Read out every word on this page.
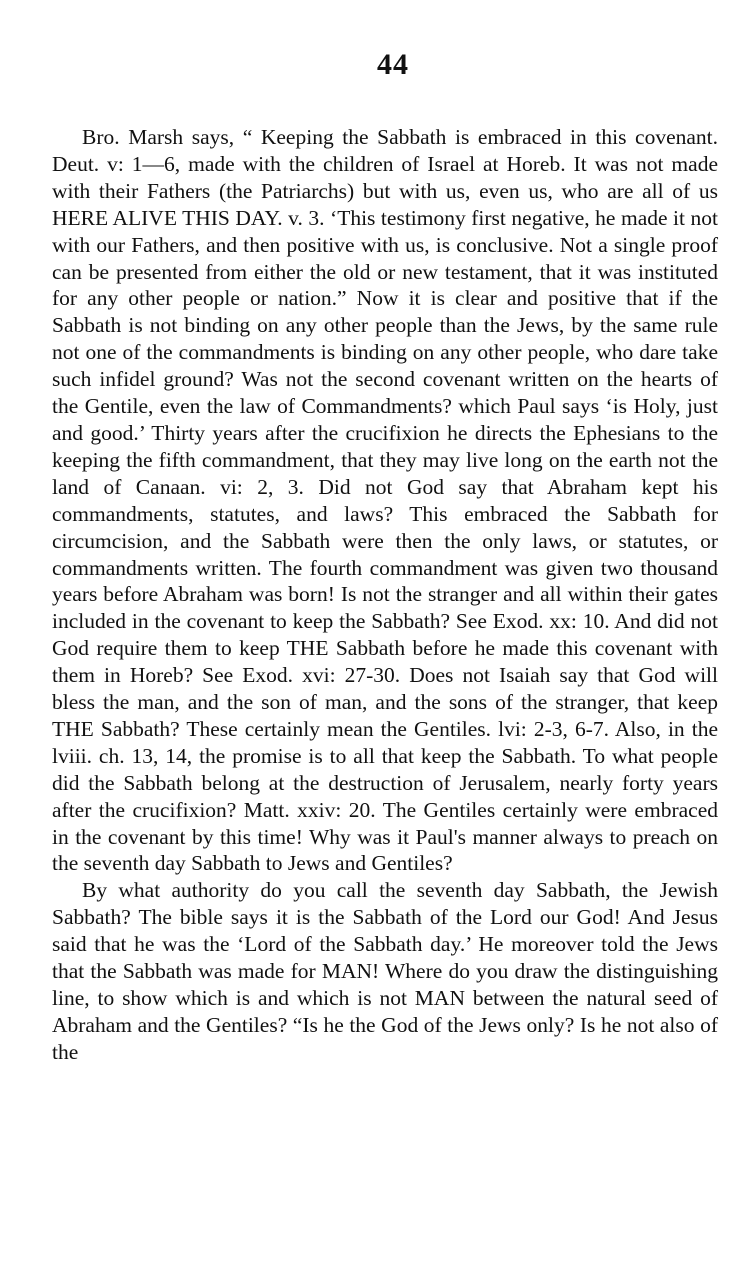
44

Bro. Marsh says, “ Keeping the Sabbath is embraced in this covenant. Deut. v: 1—6, made with the children of Israel at Horeb. It was not made with their Fathers (the Patriarchs) but with us, even us, who are all of us HERE ALIVE THIS DAY. v. 3. ‘This testimony first negative, he made it not with our Fathers, and then positive with us, is conclusive. Not a single proof can be presented from either the old or new testament, that it was instituted for any other people or nation.” Now it is clear and positive that if the Sabbath is not binding on any other people than the Jews, by the same rule not one of the commandments is binding on any other people, who dare take such infidel ground? Was not the second covenant written on the hearts of the Gentile, even the law of Commandments? which Paul says ‘is Holy, just and good.’ Thirty years after the crucifixion he directs the Ephesians to the keeping the fifth commandment, that they may live long on the earth not the land of Canaan. vi: 2, 3. Did not God say that Abraham kept his commandments, statutes, and laws? This embraced the Sabbath for circumcision, and the Sabbath were then the only laws, or statutes, or commandments written. The fourth commandment was given two thousand years before Abraham was born! Is not the stranger and all within their gates included in the covenant to keep the Sabbath? See Exod. xx: 10. And did not God require them to keep THE Sabbath before he made this covenant with them in Horeb? See Exod. xvi: 27-30. Does not Isaiah say that God will bless the man, and the son of man, and the sons of the stranger, that keep THE Sabbath? These certainly mean the Gentiles. lvi: 2-3, 6-7. Also, in the lviii. ch. 13, 14, the promise is to all that keep the Sabbath. To what people did the Sabbath belong at the destruction of Jerusalem, nearly forty years after the crucifixion? Matt. xxiv: 20. The Gentiles certainly were embraced in the covenant by this time! Why was it Paul's manner always to preach on the seventh day Sabbath to Jews and Gentiles?

By what authority do you call the seventh day Sabbath, the Jewish Sabbath? The bible says it is the Sabbath of the Lord our God! And Jesus said that he was the ‘Lord of the Sabbath day.’ He moreover told the Jews that the Sabbath was made for MAN! Where do you draw the distinguishing line, to show which is and which is not MAN between the natural seed of Abraham and the Gentiles? “Is he the God of the Jews only? Is he not also of the
